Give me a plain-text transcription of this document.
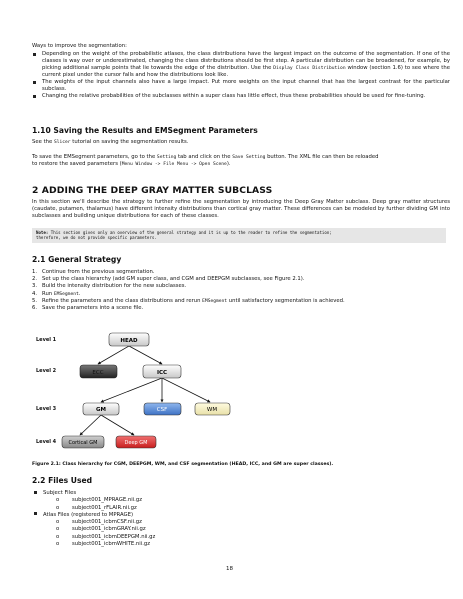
Ways to improve the segmentation:

Depending on the weight of the probabilistic atlases, the class distributions have the largest impact on the outcome of the segmentation. If one of the classes is way over or underestimated, changing the class distributions should be first step. A particular distribution can be broadened, for example, by picking additional sample points that lie towards the edge of the distribution. Use the Display Class Distribution window (section 1.6) to see where the current pixel under the cursor falls and how the distributions look like.
The weights of the input channels also have a large impact. Put more weights on the input channel that has the largest contrast for the particular subclass.
Changing the relative probabilities of the subclasses within a super class has little effect, thus these probabilities should be used for fine-tuning.
1.10 Saving the Results and EMSegment Parameters

See the Slicer tutorial on saving the segmentation results.

To save the EMSegment parameters, go to the Setting tab and click on the Save Setting button. The XML file can then be reloaded
to restore the saved parameters (Menu Window -> File Menu -> Open Scene).

2 ADDING THE DEEP GRAY MATTER SUBCLASS

In this section we'll describe the strategy to further refine the segmentation by introducing the Deep Gray Matter subclass. Deep gray matter structures (caudate, putamen, thalamus) have different intensity distributions than cortical gray matter. These differences can be modeled by further dividing GM into subclasses and building unique distributions for each of these classes.

Note: This section gives only an overview of the general strategy and it is up to the reader to refine the segmentation;
therefore, we do not provide specific parameters.
2.1 General Strategy
1. Continue from the previous segmentation.
2. Set up the class hierarchy (add GM super class, and CGM and DEEPGM subclasses, see Figure 2.1).
3. Build the intensity distribution for the new subclasses.
4. Run EMSegment.
5. Refine the parameters and the class distributions and rerun EMSegment until satisfactory segmentation is achieved.
6. Save the parameters into a scene file.
Level 1
Level 2
Level 3
Level 4
HEAD
ECC	ICC
GM	CSF	WM
Cortical GM	Deep GM
Figure 2.1: Class hierarchy for CGM, DEEPGM, WM, and CSF segmentation (HEAD, ICC, and GM are super classes).
2.2 Files Used
Subject Files
o subject001_MPRAGE.nii.gz
o subject001_rFLAIR.nii.gz
Atlas Files (registered to MPRAGE)
o subject001_icbmCSF.nii.gz
o subject001_icbmGRAY.nii.gz
o subject001_icbmDEEPGM.nii.gz
o subject001_icbmWHITE.nii.gz
18
